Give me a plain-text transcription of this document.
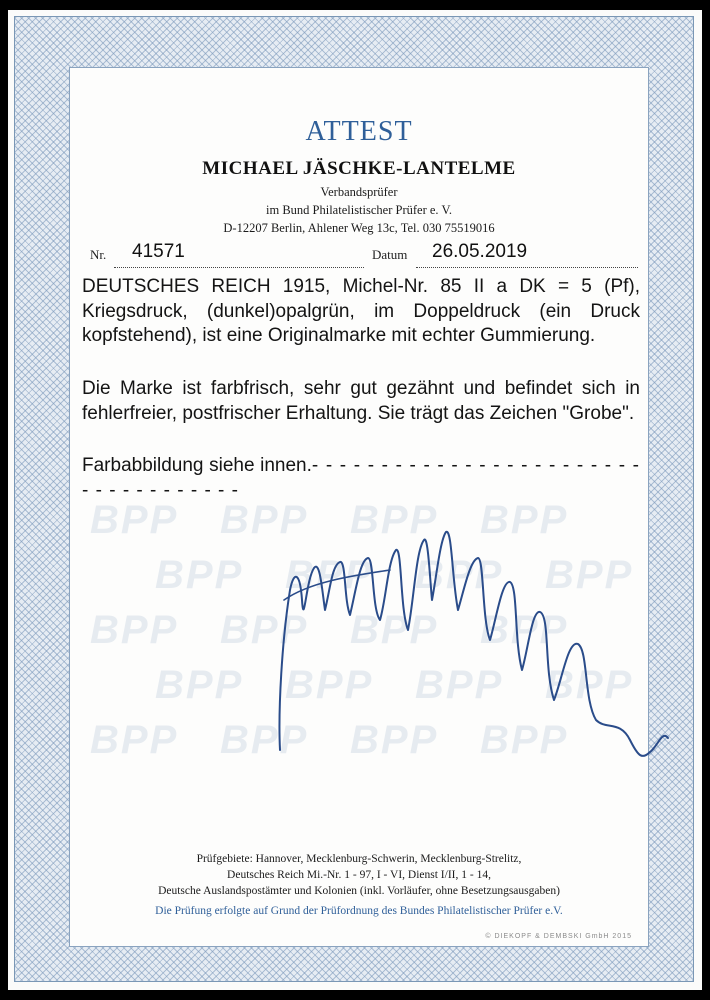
BPP BPP BPP BPP
BPP BPP BPP BPP
BPP BPP BPP BPP
BPP BPP BPP BPP
BPP BPP BPP BPP
ATTEST
MICHAEL JÄSCHKE-LANTELME
Verbandsprüfer
im Bund Philatelistischer Prüfer e. V.
D-12207 Berlin, Ahlener Weg 13c, Tel. 030 75519016
Nr. 41571	Datum 26.05.2019
DEUTSCHES REICH 1915, Michel-Nr. 85 II a DK = 5 (Pf), Kriegsdruck, (dunkel)opalgrün, im Doppeldruck (ein Druck kopfstehend), ist eine Originalmarke mit echter Gummierung.
Die Marke ist farbfrisch, sehr gut gezähnt und befindet sich in fehlerfreier, postfrischer Erhaltung. Sie trägt das Zeichen "Grobe".
Farbabbildung siehe innen.- - - - - - - - - - - - - - - - - - - - - - - - - - - - - - - - - - - -
Prüfgebiete: Hannover, Mecklenburg-Schwerin, Mecklenburg-Strelitz,
Deutsches Reich Mi.-Nr. 1 - 97, I - VI, Dienst I/II, 1 - 14,
Deutsche Auslandspostämter und Kolonien (inkl. Vorläufer, ohne Besetzungsausgaben)
Die Prüfung erfolgte auf Grund der Prüfordnung des Bundes Philatelistischer Prüfer e.V.
© DIEKOPF & DEMBSKI GmbH 2015
